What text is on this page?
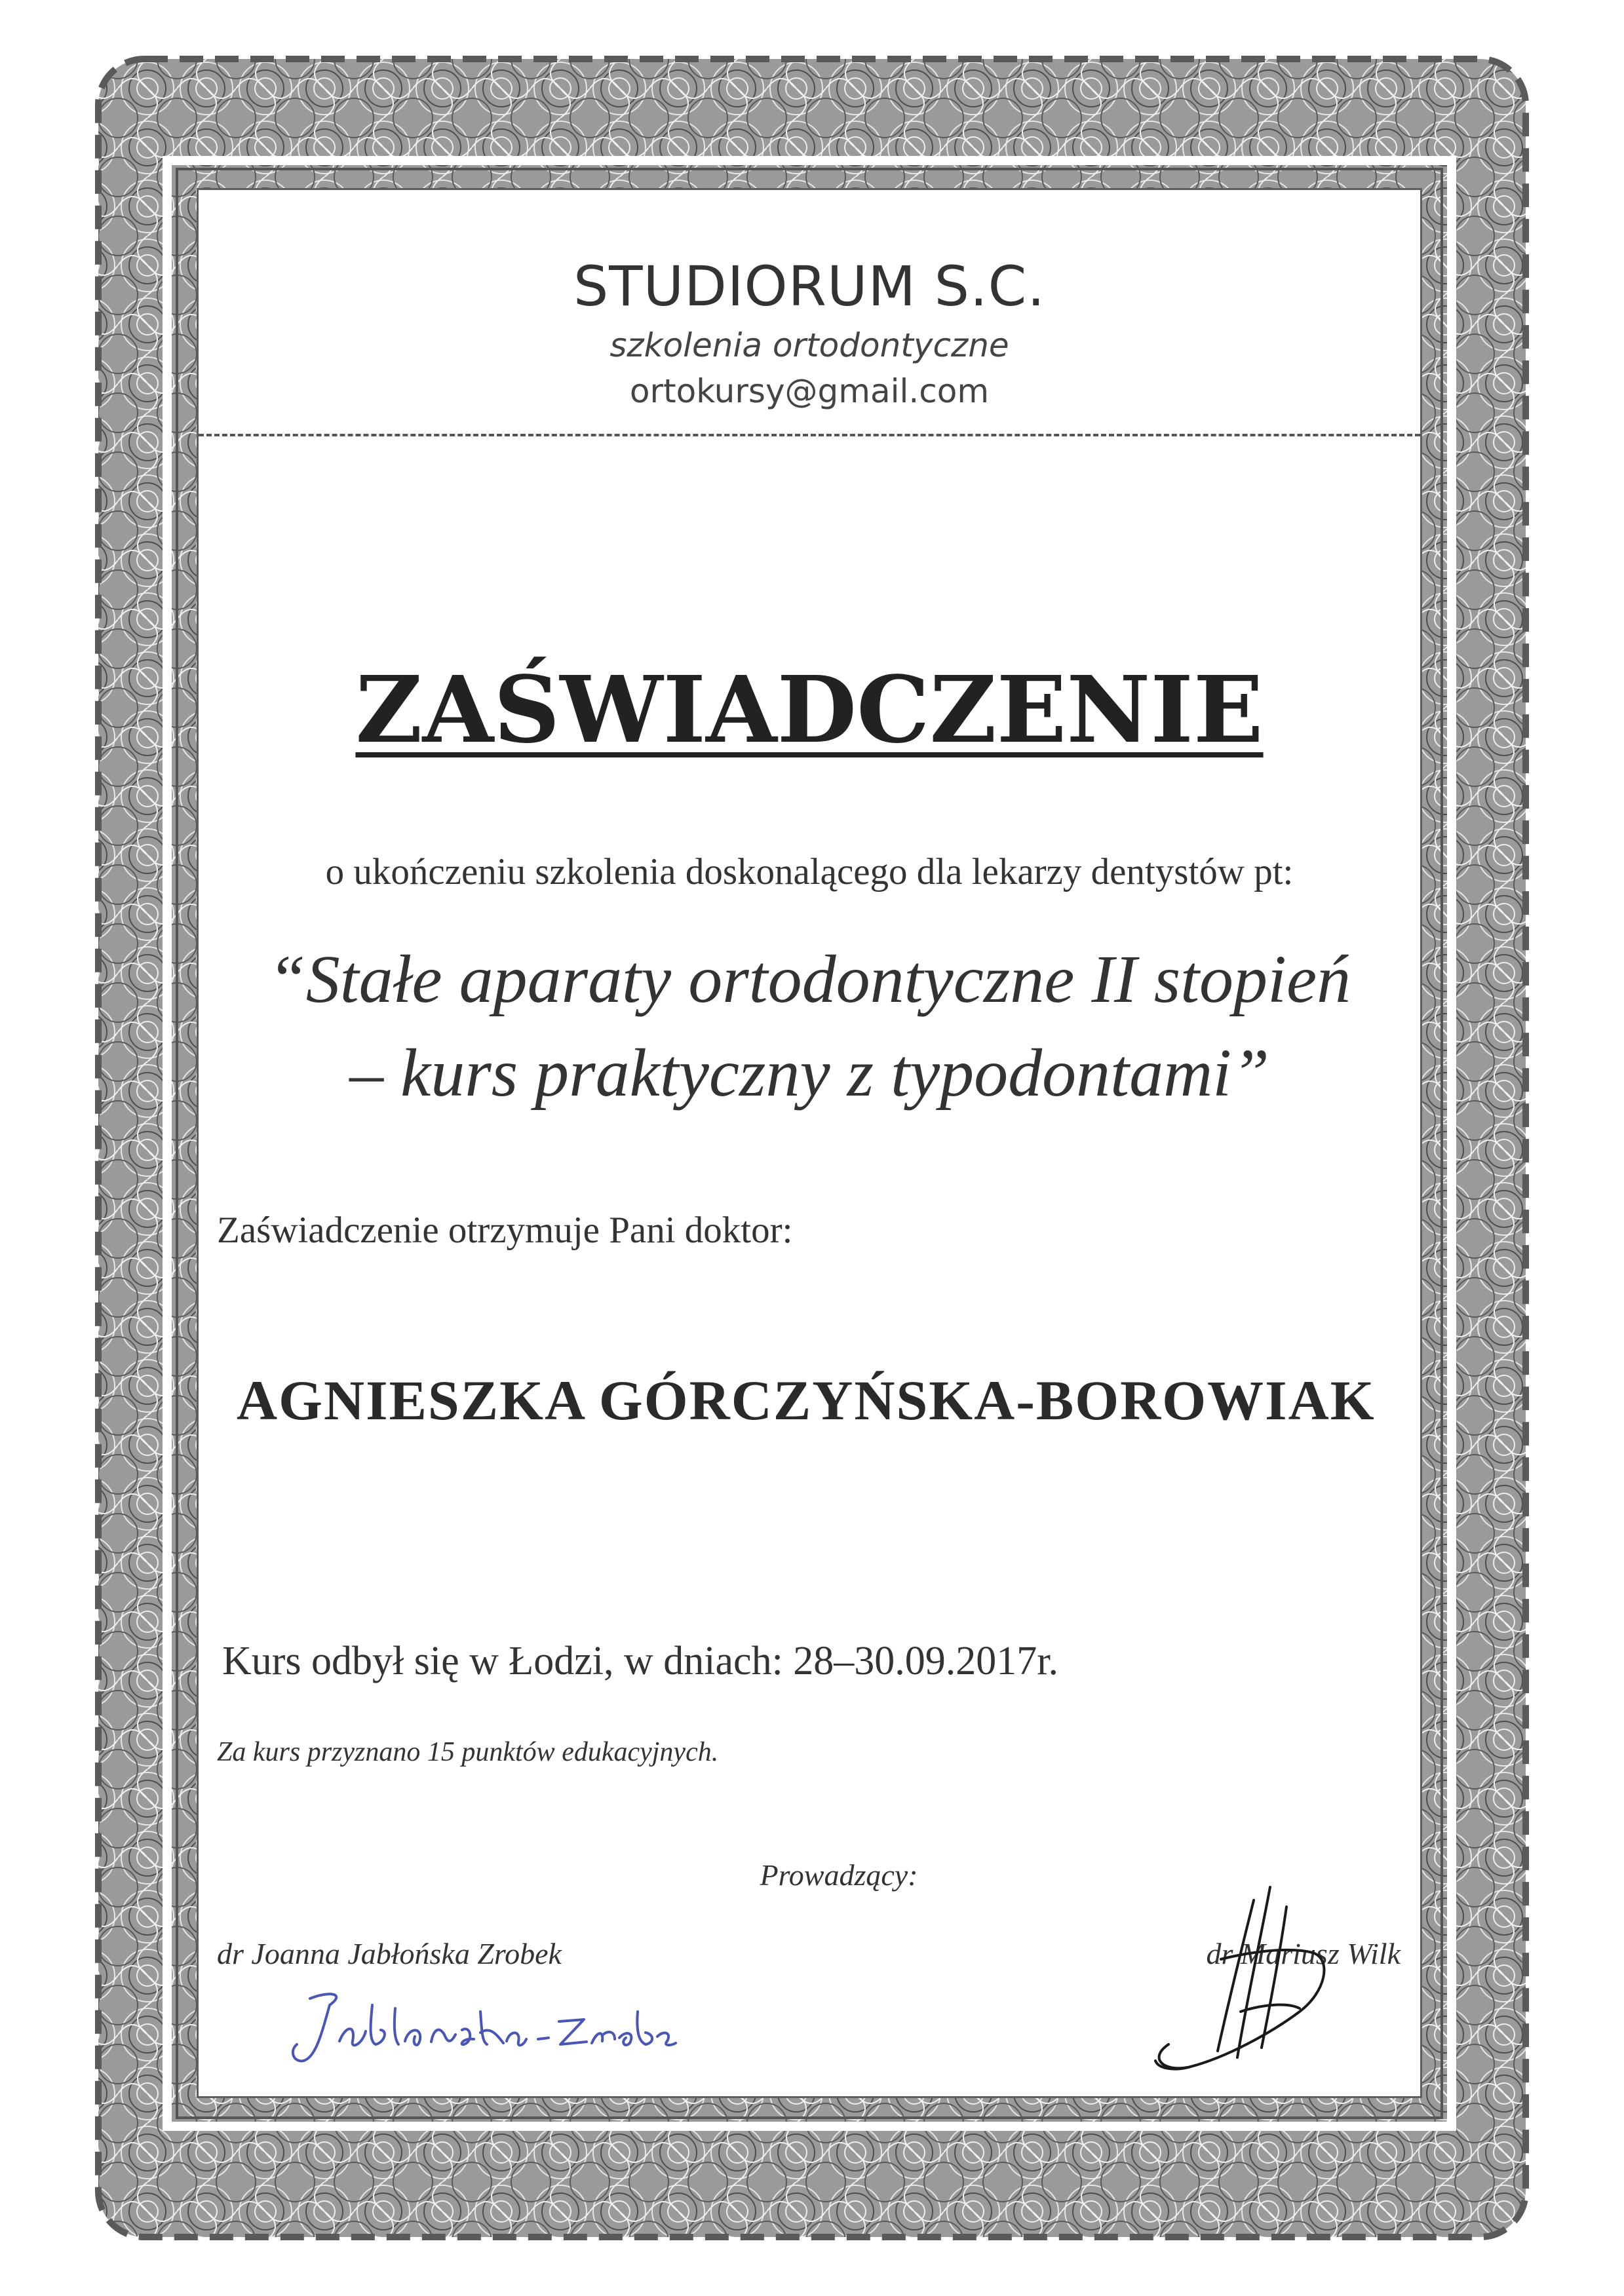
STUDIORUM S.C.
szkolenia ortodontyczne
ortokursy@gmail.com
ZAŚWIADCZENIE
o ukończeniu szkolenia doskonalącego dla lekarzy dentystów pt:
“Stałe aparaty ortodontyczne II stopień
– kurs praktyczny z typodontami”
Zaświadczenie otrzymuje Pani doktor:
AGNIESZKA GÓRCZYŃSKA-BOROWIAK
Kurs odbył się w Łodzi, w dniach: 28–30.09.2017r.
Za kurs przyznano 15 punktów edukacyjnych.
Prowadzący:
dr Joanna Jabłońska Zrobek	dr Mariusz Wilk
